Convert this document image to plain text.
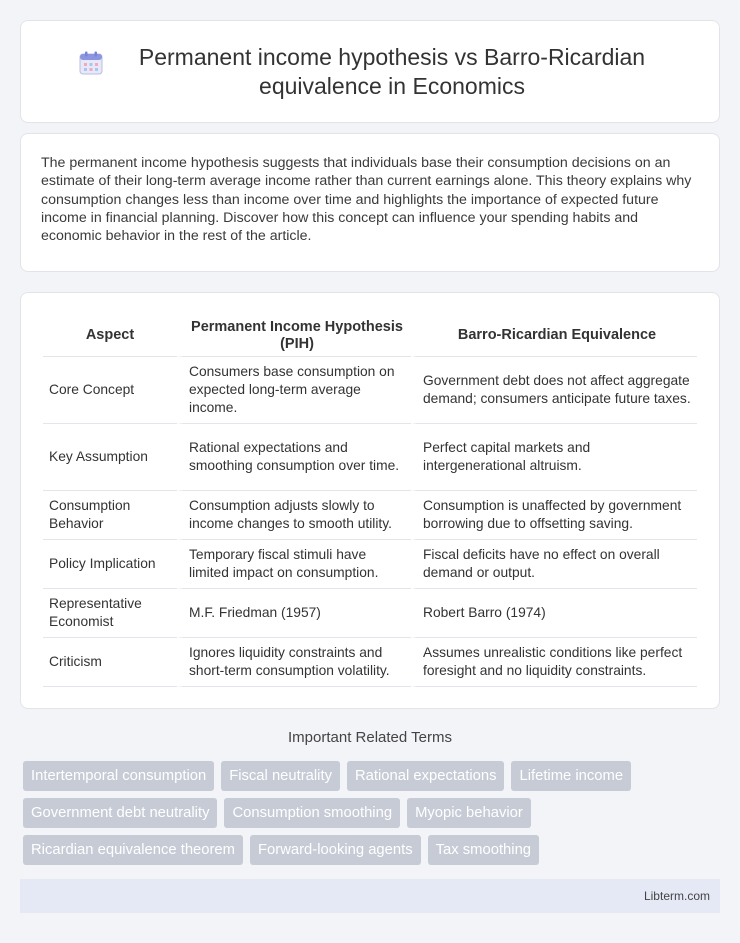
Permanent income hypothesis vs Barro-Ricardian equivalence in Economics

The permanent income hypothesis suggests that individuals base their consumption decisions on an estimate of their long-term average income rather than current earnings alone. This theory explains why consumption changes less than income over time and highlights the importance of expected future income in financial planning. Discover how this concept can influence your spending habits and economic behavior in the rest of the article.

Aspect	Permanent Income Hypothesis (PIH)	Barro-Ricardian Equivalence
Core Concept	Consumers base consumption on expected long-term average income.	Government debt does not affect aggregate demand; consumers anticipate future taxes.
Key Assumption	Rational expectations and smoothing consumption over time.	Perfect capital markets and intergenerational altruism.
Consumption Behavior	Consumption adjusts slowly to income changes to smooth utility.	Consumption is unaffected by government borrowing due to offsetting saving.
Policy Implication	Temporary fiscal stimuli have limited impact on consumption.	Fiscal deficits have no effect on overall demand or output.
Representative Economist	M.F. Friedman (1957)	Robert Barro (1974)
Criticism	Ignores liquidity constraints and short-term consumption volatility.	Assumes unrealistic conditions like perfect foresight and no liquidity constraints.
Important Related Terms
Intertemporal consumption	Fiscal neutrality	Rational expectations	Lifetime income
Government debt neutrality	Consumption smoothing	Myopic behavior
Ricardian equivalence theorem	Forward-looking agents	Tax smoothing
Libterm.com
